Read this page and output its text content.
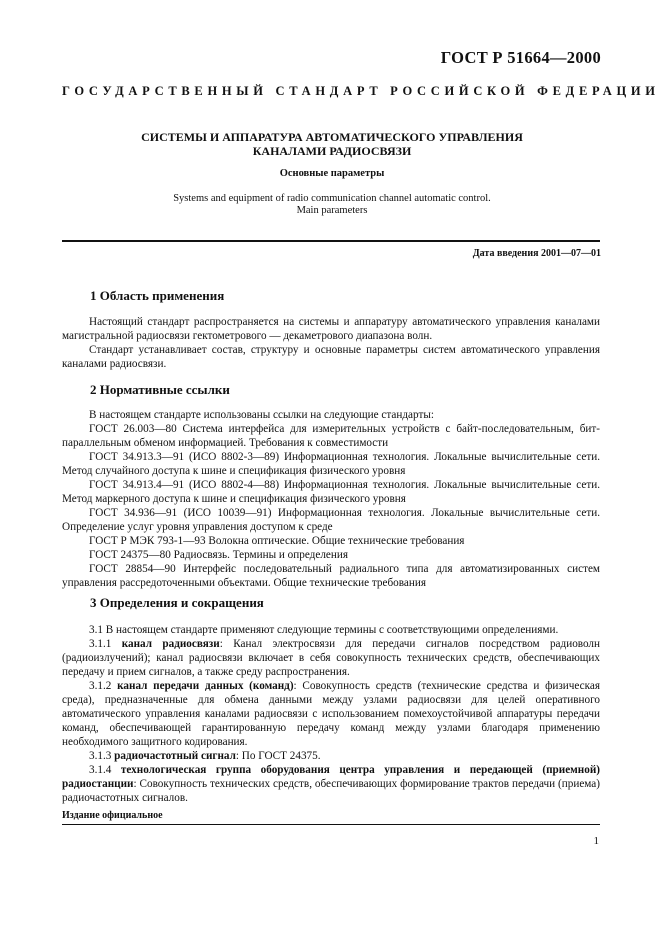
ГОСТ Р 51664—2000
ГОСУДАРСТВЕННЫЙ СТАНДАРТ РОССИЙСКОЙ ФЕДЕРАЦИИ
СИСТЕМЫ И АППАРАТУРА АВТОМАТИЧЕСКОГО УПРАВЛЕНИЯ
КАНАЛАМИ РАДИОСВЯЗИ
Основные параметры
Systems and equipment of radio communication channel automatic control.
Main parameters
Дата введения 2001—07—01
1 Область применения

Настоящий стандарт распространяется на системы и аппаратуру автоматического управления каналами магистральной радиосвязи гектометрового — декаметрового диапазона волн.

Стандарт устанавливает состав, структуру и основные параметры систем автоматического управления каналами радиосвязи.

2 Нормативные ссылки

В настоящем стандарте использованы ссылки на следующие стандарты:

ГОСТ 26.003—80 Система интерфейса для измерительных устройств с байт-последовательным, бит-параллельным обменом информацией. Требования к совместимости

ГОСТ 34.913.3—91 (ИСО 8802-3—89) Информационная технология. Локальные вычислительные сети. Метод случайного доступа к шине и спецификация физического уровня

ГОСТ 34.913.4—91 (ИСО 8802-4—88) Информационная технология. Локальные вычислительные сети. Метод маркерного доступа к шине и спецификация физического уровня

ГОСТ 34.936—91 (ИСО 10039—91) Информационная технология. Локальные вычислительные сети. Определение услуг уровня управления доступом к среде

ГОСТ Р МЭК 793-1—93 Волокна оптические. Общие технические требования

ГОСТ 24375—80 Радиосвязь. Термины и определения

ГОСТ 28854—90 Интерфейс последовательный радиального типа для автоматизированных систем управления рассредоточенными объектами. Общие технические требования

3 Определения и сокращения

3.1 В настоящем стандарте применяют следующие термины с соответствующими определениями.

3.1.1 канал радиосвязи: Канал электросвязи для передачи сигналов посредством радиоволн (радиоизлучений); канал радиосвязи включает в себя совокупность технических средств, обеспечивающих передачу и прием сигналов, а также среду распространения.

3.1.2 канал передачи данных (команд): Совокупность средств (технические средства и физическая среда), предназначенные для обмена данными между узлами радиосвязи для целей оперативного автоматического управления каналами радиосвязи с использованием помехоустойчивой аппаратуры передачи команд, обеспечивающей гарантированную передачу команд между узлами благодаря применению необходимого защитного кодирования.

3.1.3 радиочастотный сигнал: По ГОСТ 24375.

3.1.4 технологическая группа оборудования центра управления и передающей (приемной) радиостанции: Совокупность технических средств, обеспечивающих формирование трактов передачи (приема) радиочастотных сигналов.

Издание официальное
1
